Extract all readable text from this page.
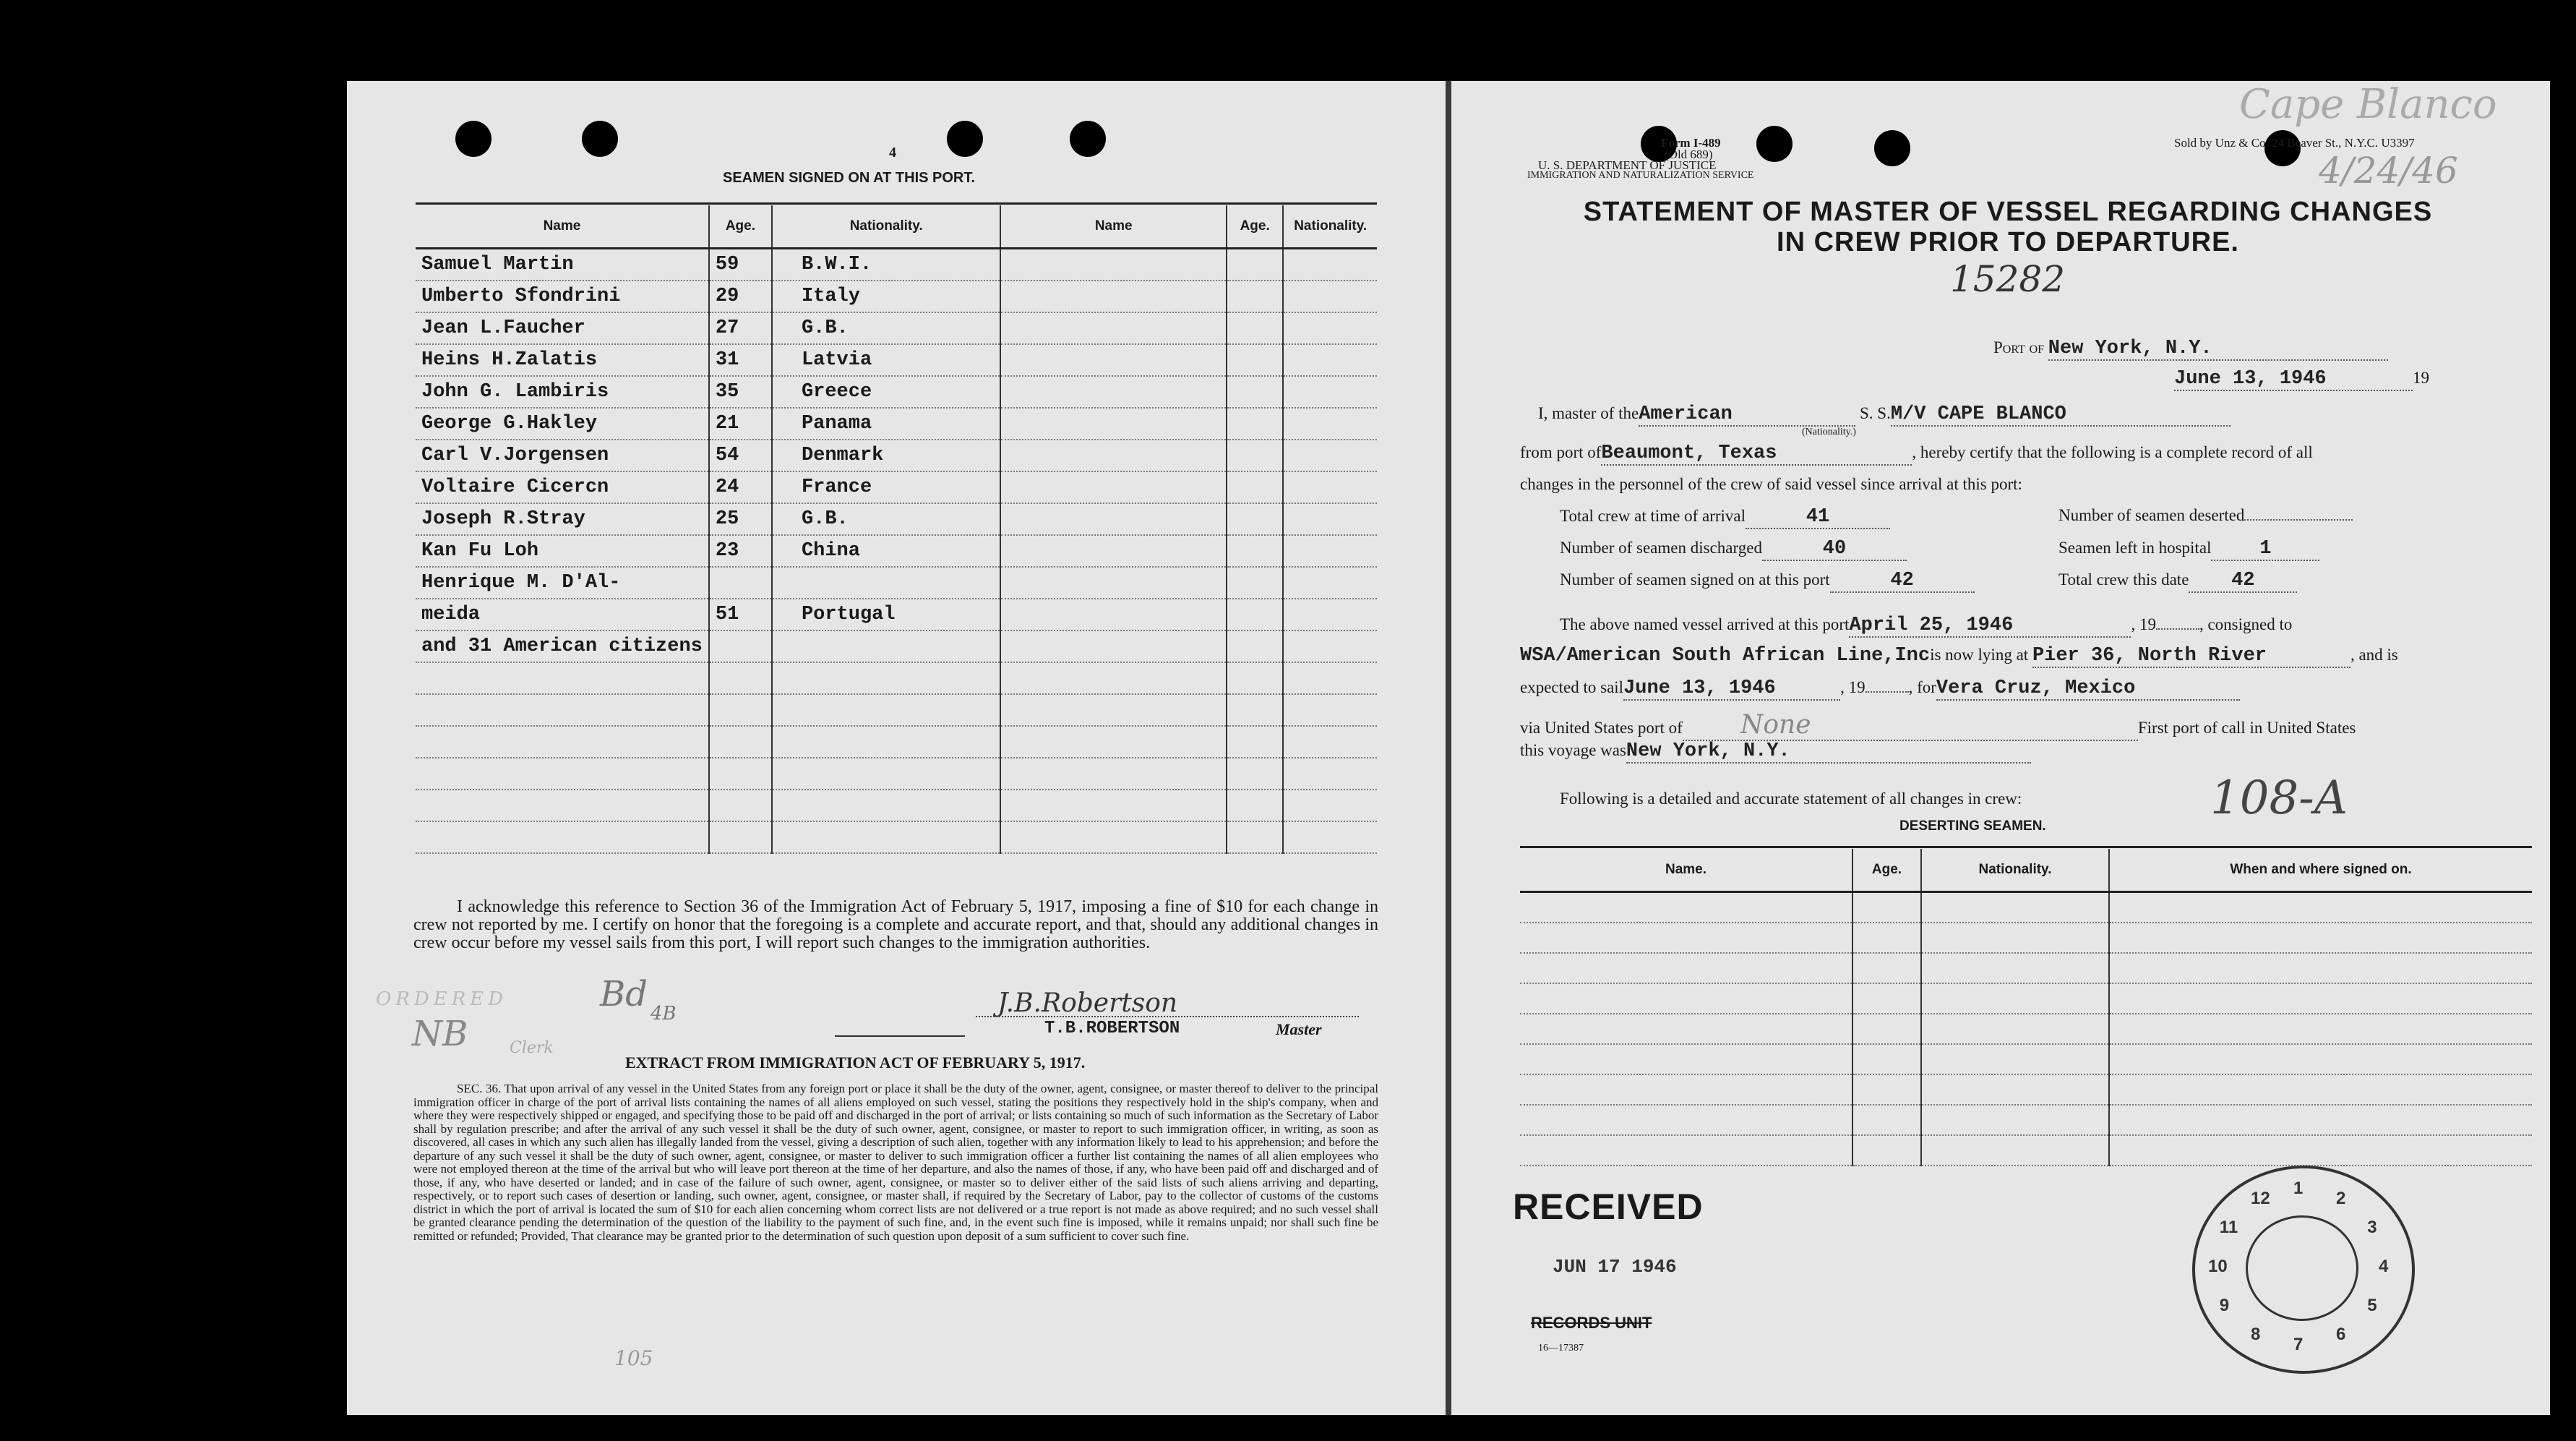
4
SEAMEN SIGNED ON AT THIS PORT.
Name	Age.	Nationality.	Name	Age.	Nationality.
Samuel Martin	59	B.W.I.			
Umberto Sfondrini	29	Italy			
Jean L.Faucher	27	G.B.			
Heins H.Zalatis	31	Latvia			
John G. Lambiris	35	Greece			
George G.Hakley	21	Panama			
Carl V.Jorgensen	54	Denmark			
Voltaire Cicercn	24	France			
Joseph R.Stray	25	G.B.			
Kan Fu Loh	23	China			
Henrique M. D'Al-					
meida	51	Portugal			
and 31 American citizens					

I acknowledge this reference to Section 36 of the Immigration Act of February 5, 1917, imposing a fine of $10 for each change in crew not reported by me. I certify on honor that the foregoing is a complete and accurate report, and that, should any additional changes in crew occur before my vessel sails from this port, I will report such changes to the immigration authorities.
ORDERED
Clerk
NB
Bd 4B	J.B.Robertson
T.B.ROBERTSON	Master
EXTRACT FROM IMMIGRATION ACT OF FEBRUARY 5, 1917.
SEC. 36. That upon arrival of any vessel in the United States from any foreign port or place it shall be the duty of the owner, agent, consignee, or master thereof to deliver to the principal immigration officer in charge of the port of arrival lists containing the names of all aliens employed on such vessel, stating the positions they respectively hold in the ship's company, when and where they were respectively shipped or engaged, and specifying those to be paid off and discharged in the port of arrival; or lists containing so much of such information as the Secretary of Labor shall by regulation prescribe; and after the arrival of any such vessel it shall be the duty of such owner, agent, consignee, or master to report to such immigration officer, in writing, as soon as discovered, all cases in which any such alien has illegally landed from the vessel, giving a description of such alien, together with any information likely to lead to his apprehension; and before the departure of any such vessel it shall be the duty of such owner, agent, consignee, or master to deliver to such immigration officer a further list containing the names of all alien employees who were not employed thereon at the time of the arrival but who will leave port thereon at the time of her departure, and also the names of those, if any, who have been paid off and discharged and of those, if any, who have deserted or landed; and in case of the failure of such owner, agent, consignee, or master so to deliver either of the said lists of such aliens arriving and departing, respectively, or to report such cases of desertion or landing, such owner, agent, consignee, or master shall, if required by the Secretary of Labor, pay to the collector of customs of the customs district in which the port of arrival is located the sum of $10 for each alien concerning whom correct lists are not delivered or a true report is not made as above required; and no such vessel shall be granted clearance pending the determination of the question of the liability to the payment of such fine, and, in the event such fine is imposed, while it remains unpaid; nor shall such fine be remitted or refunded; Provided, That clearance may be granted prior to the determination of such question upon deposit of a sum sufficient to cover such fine.
105
Form I-489
(Old 689)
U. S. DEPARTMENT OF JUSTICE
IMMIGRATION AND NATURALIZATION SERVICE
Sold by Unz & Co. 24 Beaver St., N.Y.C. U3397
Cape Blanco
4/24/46
STATEMENT OF MASTER OF VESSEL REGARDING CHANGES
IN CREW PRIOR TO DEPARTURE.
15282
Port of New York, N.Y.
June 13, 1946	19
I, master of theAmerican	S. S.M/V CAPE BLANCO
(Nationality.)
from port ofBeaumont, Texas	, hereby certify that the following is a complete record of all
changes in the personnel of the crew of said vessel since arrival at this port:
Total crew at time of arrival	41
Number of seamen discharged	40
Number of seamen signed on at this port	42
Number of seamen deserted
Seamen left in hospital 1
Total crew this date 42
The above named vessel arrived at this portApril 25, 1946	, 19	, consigned to
WSA/American South African Line,Incis now lying at Pier 36, North River	, and is
expected to sailJune 13, 1946	, 19	, forVera Cruz, Mexico
via United States port of None	First port of call in United States
this voyage wasNew York, N.Y.
Following is a detailed and accurate statement of all changes in crew:	108-A
DESERTING SEAMEN.
Name.	Age.	Nationality.	When and where signed on.

RECEIVED
JUN 17 1946
RECORDS UNIT
16—17387
1
2
3
4
5
6
7
8
9
10
11
12
